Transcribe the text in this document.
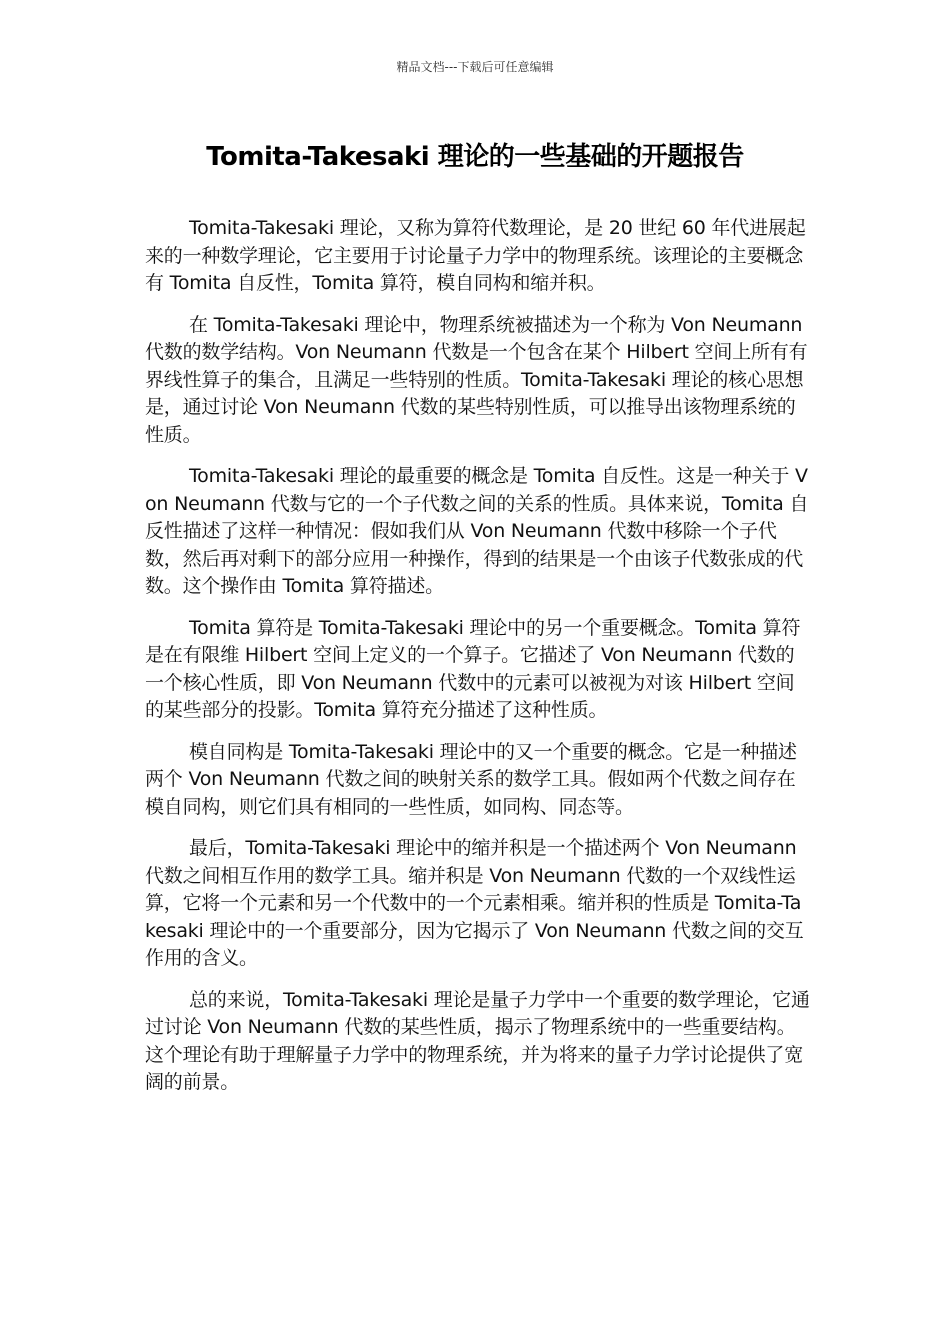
精品文档---下载后可任意编辑
Tomita-Takesaki 理论的一些基础的开题报告

Tomita-Takesaki 理论，又称为算符代数理论，是 20 世纪 60 年代进展起来的一种数学理论，它主要用于讨论量子力学中的物理系统。该理论的主要概念有 Tomita 自反性，Tomita 算符，模自同构和缩并积。

在 Tomita-Takesaki 理论中，物理系统被描述为一个称为 Von Neumann 代数的数学结构。Von Neumann 代数是一个包含在某个 Hilbert 空间上所有有界线性算子的集合，且满足一些特别的性质。Tomita-Takesaki 理论的核心思想是，通过讨论 Von Neumann 代数的某些特别性质，可以推导出该物理系统的性质。

Tomita-Takesaki 理论的最重要的概念是 Tomita 自反性。这是一种关于 Von Neumann 代数与它的一个子代数之间的关系的性质。具体来说，Tomita 自反性描述了这样一种情况：假如我们从 Von Neumann 代数中移除一个子代数，然后再对剩下的部分应用一种操作，得到的结果是一个由该子代数张成的代数。这个操作由 Tomita 算符描述。

Tomita 算符是 Tomita-Takesaki 理论中的另一个重要概念。Tomita 算符是在有限维 Hilbert 空间上定义的一个算子。它描述了 Von Neumann 代数的一个核心性质，即 Von Neumann 代数中的元素可以被视为对该 Hilbert 空间的某些部分的投影。Tomita 算符充分描述了这种性质。

模自同构是 Tomita-Takesaki 理论中的又一个重要的概念。它是一种描述两个 Von Neumann 代数之间的映射关系的数学工具。假如两个代数之间存在模自同构，则它们具有相同的一些性质，如同构、同态等。

最后，Tomita-Takesaki 理论中的缩并积是一个描述两个 Von Neumann 代数之间相互作用的数学工具。缩并积是 Von Neumann 代数的一个双线性运算，它将一个元素和另一个代数中的一个元素相乘。缩并积的性质是 Tomita-Takesaki 理论中的一个重要部分，因为它揭示了 Von Neumann 代数之间的交互作用的含义。

总的来说，Tomita-Takesaki 理论是量子力学中一个重要的数学理论，它通过讨论 Von Neumann 代数的某些性质，揭示了物理系统中的一些重要结构。这个理论有助于理解量子力学中的物理系统，并为将来的量子力学讨论提供了宽阔的前景。
